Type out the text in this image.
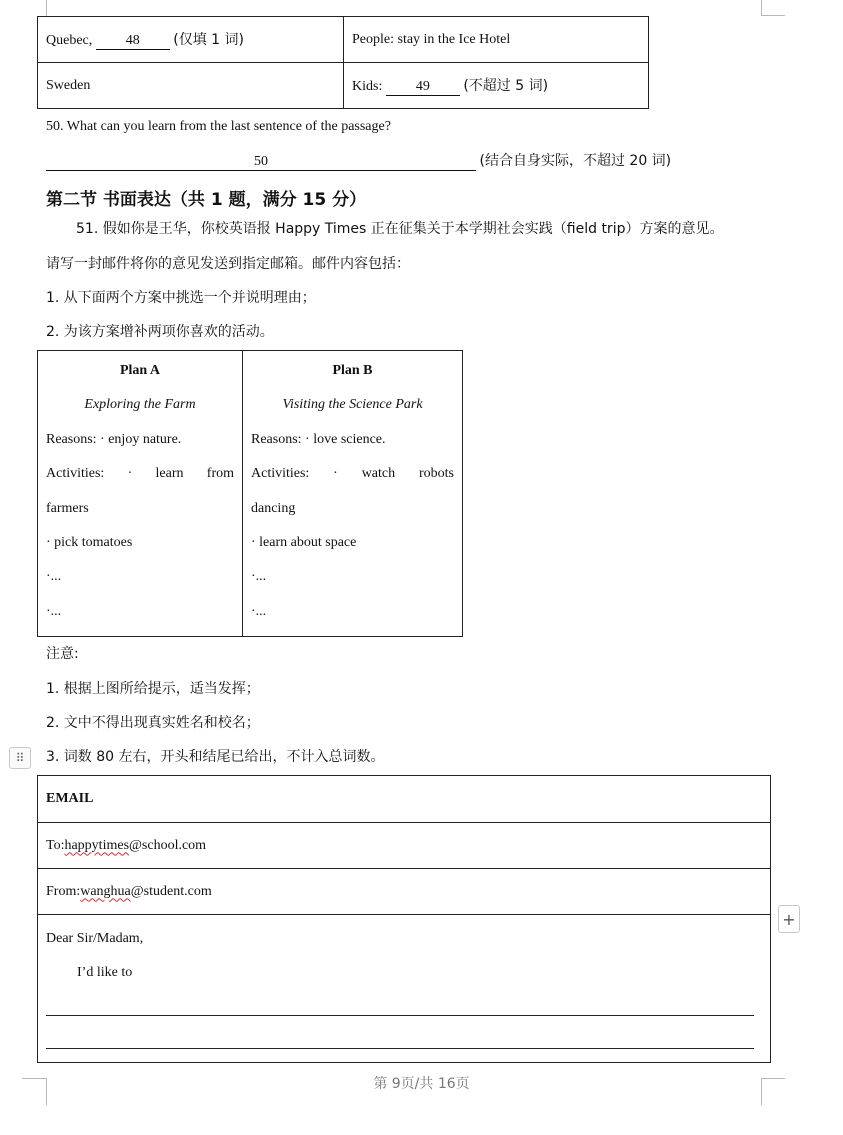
Quebec, 48 (仅填 1 词)	People: stay in the Ice Hotel
Sweden	Kids: 49 (不超过 5 词)
50. What can you learn from the last sentence of the passage?
50	(结合自身实际，不超过 20 词)
第二节 书面表达（共 1 题，满分 15 分）
51. 假如你是王华，你校英语报 Happy Times 正在征集关于本学期社会实践（field trip）方案的意见。
请写一封邮件将你的意见发送到指定邮箱。邮件内容包括：
1. 从下面两个方案中挑选一个并说明理由；
2. 为该方案增补两项你喜欢的活动。

Plan A

Exploring the Farm

Reasons: · enjoy nature.

Activities: · learn from

farmers

· pick tomatoes

·...

·...

Plan B

Visiting the Science Park

Reasons: · love science.

Activities: · watch robots

dancing

· learn about space

·...

·...

注意:
1. 根据上图所给提示，适当发挥；
2. 文中不得出现真实姓名和校名；
3. 词数 80 左右，开头和结尾已给出，不计入总词数。
⠿
EMAIL
To:happytimes@school.com
From:wanghua@student.com

Dear Sir/Madam,
I’d like to
+
第 9页/共 16页
